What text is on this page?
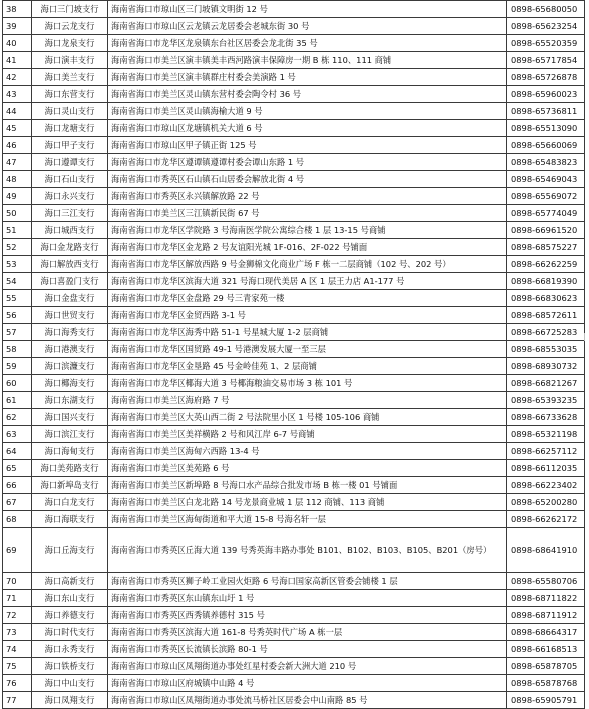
38	海口三门坡支行	海南省海口市琼山区三门坡镇文明街 12 号	0898-65680050
39	海口云龙支行	海南省海口市琼山区云龙镇云龙居委会老城东街 30 号	0898-65623254
40	海口龙泉支行	海南省海口市龙华区龙泉镇东台社区居委会龙北街 35 号	0898-65520359
41	海口演丰支行	海南省海口市美兰区演丰镇美丰西河路演丰保障房一期 B 栋 110、111 商铺	0898-65717854
42	海口美兰支行	海南省海口市美兰区演丰镇群庄村委会美演路 1 号	0898-65726878
43	海口东营支行	海南省海口市美兰区灵山镇东营村委会陶令村 36 号	0898-65960023
44	海口灵山支行	海南省海口市美兰区灵山镇海榆大道 9 号	0898-65736811
45	海口龙塘支行	海南省海口市琼山区龙塘镇机关大道 6 号	0898-65513090
46	海口甲子支行	海南省海口市琼山区甲子镇正街 125 号	0898-65660069
47	海口遵谭支行	海南省海口市龙华区遵谭镇遵谭村委会谭山东路 1 号	0898-65483823
48	海口石山支行	海南省海口市秀英区石山镇石山居委会解放北街 4 号	0898-65469043
49	海口永兴支行	海南省海口市秀英区永兴镇解放路 22 号	0898-65569072
50	海口三江支行	海南省海口市美兰区三江镇新民街 67 号	0898-65774049
51	海口城西支行	海南省海口市龙华区学院路 3 号海南医学院公寓综合楼 1 层 13-15 号商铺	0898-66961520
52	海口金龙路支行	海南省海口市龙华区金龙路 2 号友谊阳光城 1F-016、2F-022 号铺面	0898-68575227
53	海口解放西支行	海南省海口市龙华区解放西路 9 号金狮棉文化商业广场 F 栋一二层商铺（102 号、202 号）	0898-66262259
54	海口喜盈门支行	海南省海口市龙华区滨海大道 321 号海口现代美居 A 区 1 层王力店 A1-177 号	0898-66819390
55	海口金盘支行	海南省海口市龙华区金盘路 29 号三青家苑一楼	0898-66830623
56	海口世贸支行	海南省海口市龙华区金贸西路 3-1 号	0898-68572611
57	海口海秀支行	海南省海口市龙华区海秀中路 51-1 号星城大厦 1-2 层商铺	0898-66725283
58	海口港澳支行	海南省海口市龙华区国贸路 49-1 号港澳发展大厦一至三层	0898-68553035
59	海口滨濂支行	海南省海口市龙华区金垦路 45 号金岭佳苑 1、2 层商铺	0898-68930732
60	海口椰海支行	海南省海口市龙华区椰海大道 3 号椰海粮油交易市场 3 栋 101 号	0898-66821267
61	海口东湖支行	海南省海口市美兰区海府路 7 号	0898-65393235
62	海口国兴支行	海南省海口市美兰区大英山西二街 2 号法院里小区 1 号楼 105-106 商铺	0898-66733628
63	海口滨江支行	海南省海口市美兰区美祥横路 2 号和风江岸 6-7 号商铺	0898-65321198
64	海口海甸支行	海南省海口市美兰区海甸六西路 13-4 号	0898-66257112
65	海口美苑路支行	海南省海口市美兰区美苑路 6 号	0898-66112035
66	海口新埠岛支行	海南省海口市美兰区新埠路 8 号海口水产品综合批发市场 B 栋一楼 01 号铺面	0898-66223402
67	海口白龙支行	海南省海口市美兰区白龙北路 14 号龙景商业城 1 层 112 商铺、113 商铺	0898-65200280
68	海口海联支行	海南省海口市美兰区海甸街道和平大道 15-8 号海名轩一层	0898-66262172
69	海口丘海支行	海南省海口市秀英区丘海大道 139 号秀英海丰路办事处 B101、B102、B103、B105、B201（房号）	0898-68641910
70	海口高新支行	海南省海口市秀英区狮子岭工业园火炬路 6 号海口国家高新区管委会铺楼 1 层	0898-65580706
71	海口东山支行	海南省海口市秀英区东山镇东山圩 1 号	0898-68711822
72	海口养德支行	海南省海口市秀英区西秀镇养德村 315 号	0898-68711912
73	海口时代支行	海南省海口市秀英区滨海大道 161-8 号秀英时代广场 A 栋一层	0898-68664317
74	海口永秀支行	海南省海口市秀英区长流镇长滨路 80-1 号	0898-66168513
75	海口铁桥支行	海南省海口市琼山区凤翔街道办事处红星村委会新大洲大道 210 号	0898-65878705
76	海口中山支行	海南省海口市琼山区府城镇中山路 4 号	0898-65878768
77	海口凤翔支行	海南省海口市琼山区凤翔街道办事处流马桥社区居委会中山南路 85 号	0898-65905791
